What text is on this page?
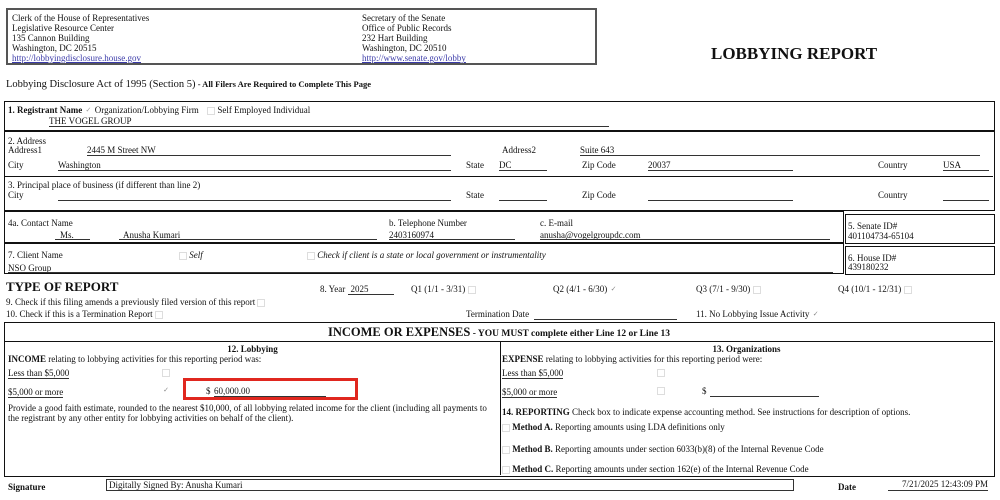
Clerk of the House of Representatives
Legislative Resource Center
135 Cannon Building
Washington, DC 20515
http://lobbyingdisclosure.house.gov
Secretary of the Senate
Office of Public Records
232 Hart Building
Washington, DC 20510
http://www.senate.gov/lobby	LOBBYING REPORT
Lobbying Disclosure Act of 1995 (Section 5) - All Filers Are Required to Complete This Page
1. Registrant Name ✓ Organization/Lobbying Firm Self Employed Individual
THE VOGEL GROUP
2. Address
Address1	2445 M Street NW	Address2	Suite 643
City	Washington	State DC	Zip Code	20037	Country	USA
3. Principal place of business (if different than line 2)
City	State	Zip Code	Country
4a. Contact Name
Ms.	Anusha Kumari
b. Telephone Number
2403160974
c. E-mail
anusha@vogelgroupdc.com
5. Senate ID#
401104734-65104
7. Client Name	Self	Check if client is a state or local government or instrumentality
NSO Group
6. House ID#
439180232
TYPE OF REPORT	8. Year 2025	Q1 (1/1 - 3/31)	Q2 (4/1 - 6/30) ✓	Q3 (7/1 - 9/30)	Q4 (10/1 - 12/31)
9. Check if this filing amends a previously filed version of this report
10. Check if this is a Termination Report	Termination Date	11. No Lobbying Issue Activity ✓
INCOME OR EXPENSES - YOU MUST complete either Line 12 or Line 13
12. Lobbying
INCOME relating to lobbying activities for this reporting period was:
Less than $5,000
$5,000 or more	✓	$ 60,000.00
Provide a good faith estimate, rounded to the nearest $10,000, of all lobbying related income for the client (including all payments to the registrant by any other entity for lobbying activities on behalf of the client).
13. Organizations
EXPENSE relating to lobbying activities for this reporting period were:
Less than $5,000
$5,000 or more	$
14. REPORTING Check box to indicate expense accounting method. See instructions for description of options.
Method A. Reporting amounts using LDA definitions only
Method B. Reporting amounts under section 6033(b)(8) of the Internal Revenue Code
Method C. Reporting amounts under section 162(e) of the Internal Revenue Code
Signature	Digitally Signed By: Anusha Kumari	Date	7/21/2025 12:43:09 PM
